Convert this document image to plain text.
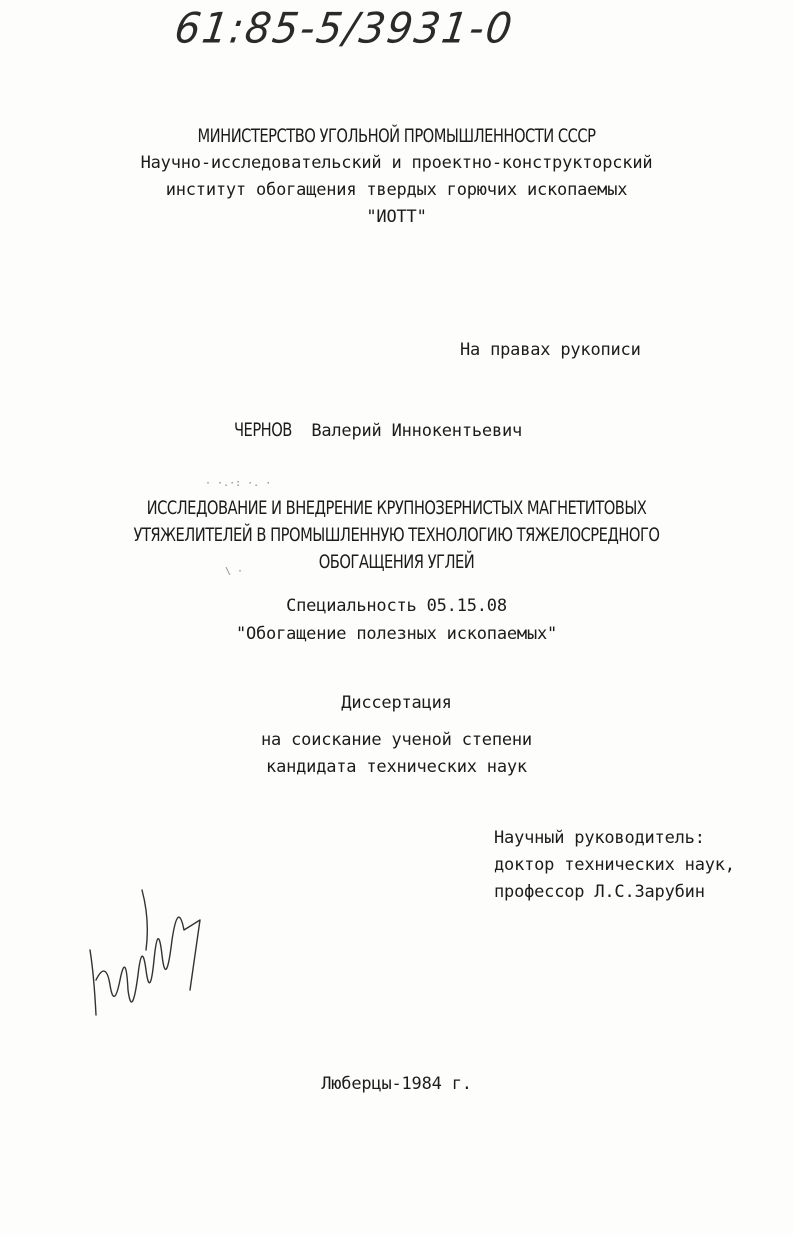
61:85-5/3931-0
МИНИСТЕРСТВО УГОЛЬНОЙ ПРОМЫШЛЕННОСТИ СССР
Научно-исследовательский и проектно-конструкторский
институт обогащения твердых горючих ископаемых
"ИОТТ"
На правах рукописи
ЧЕРНОВ Валерий Иннокентьевич
ИССЛЕДОВАНИЕ И ВНЕДРЕНИЕ КРУПНОЗЕРНИСТЫХ МАГНЕТИТОВЫХ
УТЯЖЕЛИТЕЛЕЙ В ПРОМЫШЛЕННУЮ ТЕХНОЛОГИЮ ТЯЖЕЛОСРЕДНОГО
ОБОГАЩЕНИЯ УГЛЕЙ
Специальность 05.15.08
"Обогащение полезных ископаемых"
Диссертация
на соискание ученой степени
кандидата технических наук
Научный руководитель:
доктор технических наук,
профессор Л.С.Зарубин
Люберцы-1984 г.
· ·.·: ·. ·
\ ·
